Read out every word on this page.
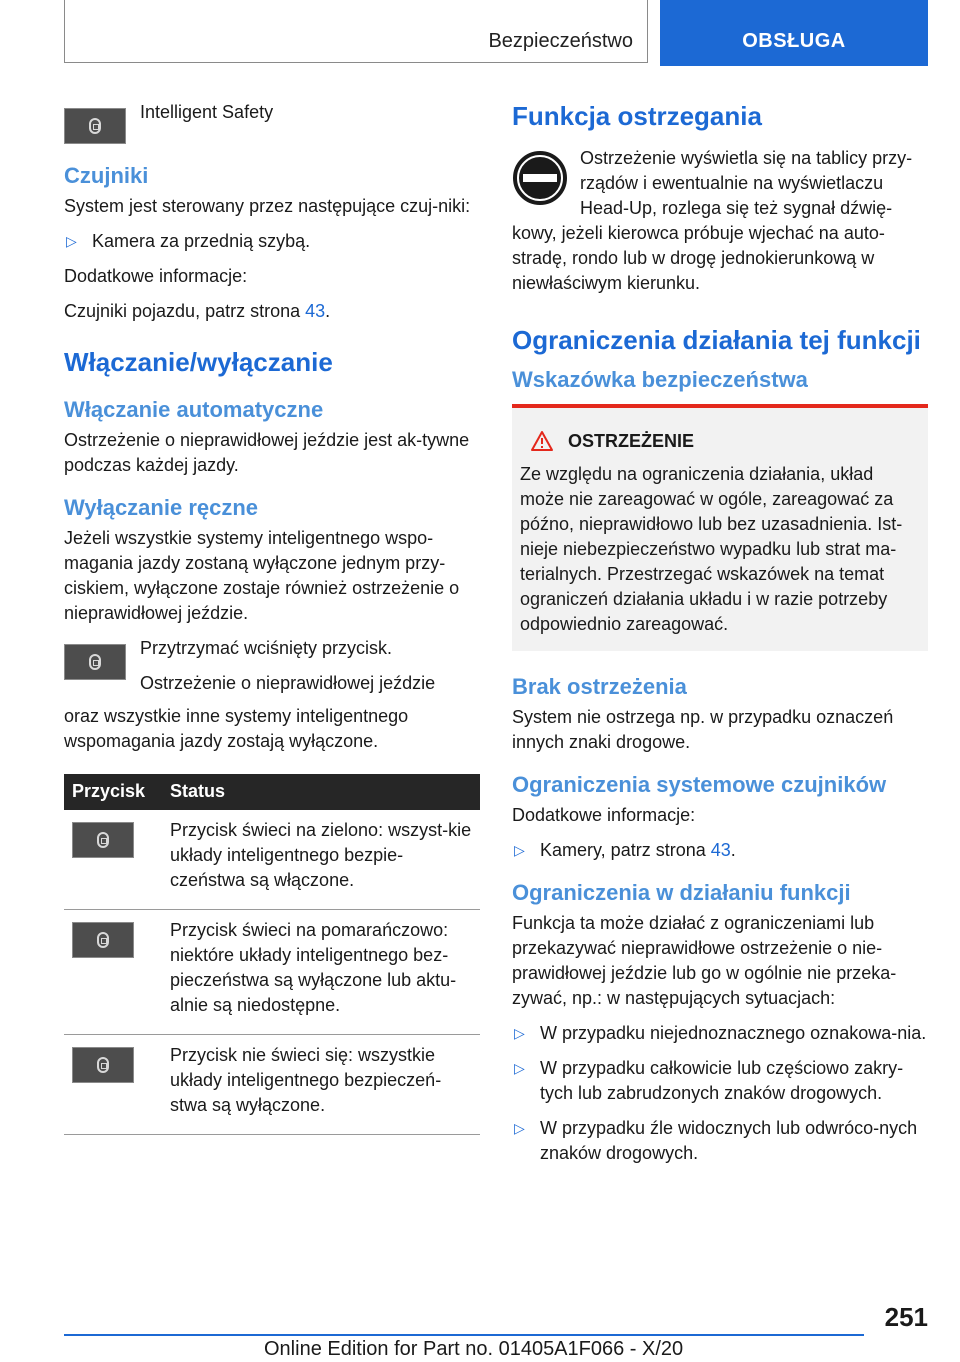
Bezpieczeństwo	OBSŁUGA

Intelligent Safety

Czujniki

System jest sterowany przez następujące czuj-niki:

▷ Kamera za przednią szybą.

Dodatkowe informacje:

Czujniki pojazdu, patrz strona 43.

Włączanie/wyłączanie
Włączanie automatyczne

Ostrzeżenie o nieprawidłowej jeździe jest ak-tywne podczas każdej jazdy.

Wyłączanie ręczne

Jeżeli wszystkie systemy inteligentnego wspo-magania jazdy zostaną wyłączone jednym przy-ciskiem, wyłączone zostaje również ostrzeżenie o nieprawidłowej jeździe.

Przytrzymać wciśnięty przycisk.

Ostrzeżenie o nieprawidłowej jeździe

oraz wszystkie inne systemy inteligentnego wspomagania jazdy zostają wyłączone.

Przycisk	Status

	Przycisk świeci na zielono: wszyst-kie układy inteligentnego bezpie-czeństwa są włączone.

	Przycisk świeci na pomarańczowo: niektóre układy inteligentnego bez-pieczeństwa są wyłączone lub aktu-alnie są niedostępne.

	Przycisk nie świeci się: wszystkie układy inteligentnego bezpieczeń-stwa są wyłączone.
Funkcja ostrzegania

Ostrzeżenie wyświetla się na tablicy przy-rządów i ewentualnie na wyświetlaczu Head-Up, rozlega się też sygnał dźwię-kowy, jeżeli kierowca próbuje wjechać na auto-stradę, rondo lub w drogę jednokierunkową w niewłaściwym kierunku.

Ograniczenia działania tej funkcji
Wskazówka bezpieczeństwa
OSTRZEŻENIE

Ze względu na ograniczenia działania, układ może nie zareagować w ogóle, zareagować za późno, nieprawidłowo lub bez uzasadnienia. Ist-nieje niebezpieczeństwo wypadku lub strat ma-terialnych. Przestrzegać wskazówek na temat ograniczeń działania układu i w razie potrzeby odpowiednio zareagować.

Brak ostrzeżenia

System nie ostrzega np. w przypadku oznaczeń innych znaki drogowe.

Ograniczenia systemowe czujników

Dodatkowe informacje:

▷ Kamery, patrz strona 43.
Ograniczenia w działaniu funkcji

Funkcja ta może działać z ograniczeniami lub przekazywać nieprawidłowe ostrzeżenie o nie-prawidłowej jeździe lub go w ogólnie nie przeka-zywać, np.: w następujących sytuacjach:

▷ W przypadku niejednoznacznego oznakowa-nia.
▷ W przypadku całkowicie lub częściowo zakry-tych lub zabrudzonych znaków drogowych.
▷ W przypadku źle widocznych lub odwróco-nych znaków drogowych.
251
Online Edition for Part no. 01405A1F066 - X/20
